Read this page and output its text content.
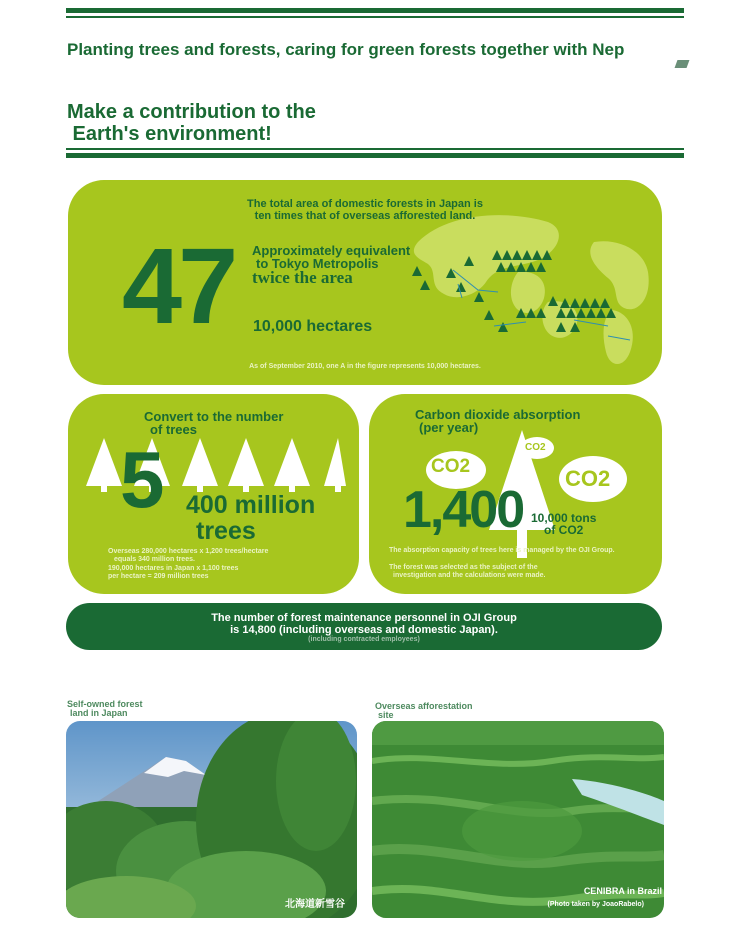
Planting trees and forests, caring for green forests together with Nep
Make a contribution to the
Earth's environment!
The total area of domestic forests in Japan is
ten times that of overseas afforested land.
47 Approximately equivalent
to Tokyo Metropolis
twice the area
10,000 hectares
As of September 2010, one A in the figure represents 10,000 hectares.
Convert to the number
of trees
5 400 million
trees
Overseas 280,000 hectares x 1,200 trees/hectare
equals 340 million trees.
190,000 hectares in Japan x 1,100 trees
per hectare = 209 million trees
Carbon dioxide absorption
(per year)
CO2
CO2
CO2
1,400 10,000 tons
of CO2
The absorption capacity of trees here is managed by the OJI Group.
The forest was selected as the subject of the
investigation and the calculations were made.
The number of forest maintenance personnel in OJI Group
is 14,800 (including overseas and domestic Japan).
(including contracted employees)
Self-owned forest
land in Japan
北海道新雪谷
Overseas afforestation
site
CENIBRA in Brazil
(Photo taken by JoaoRabelo)
